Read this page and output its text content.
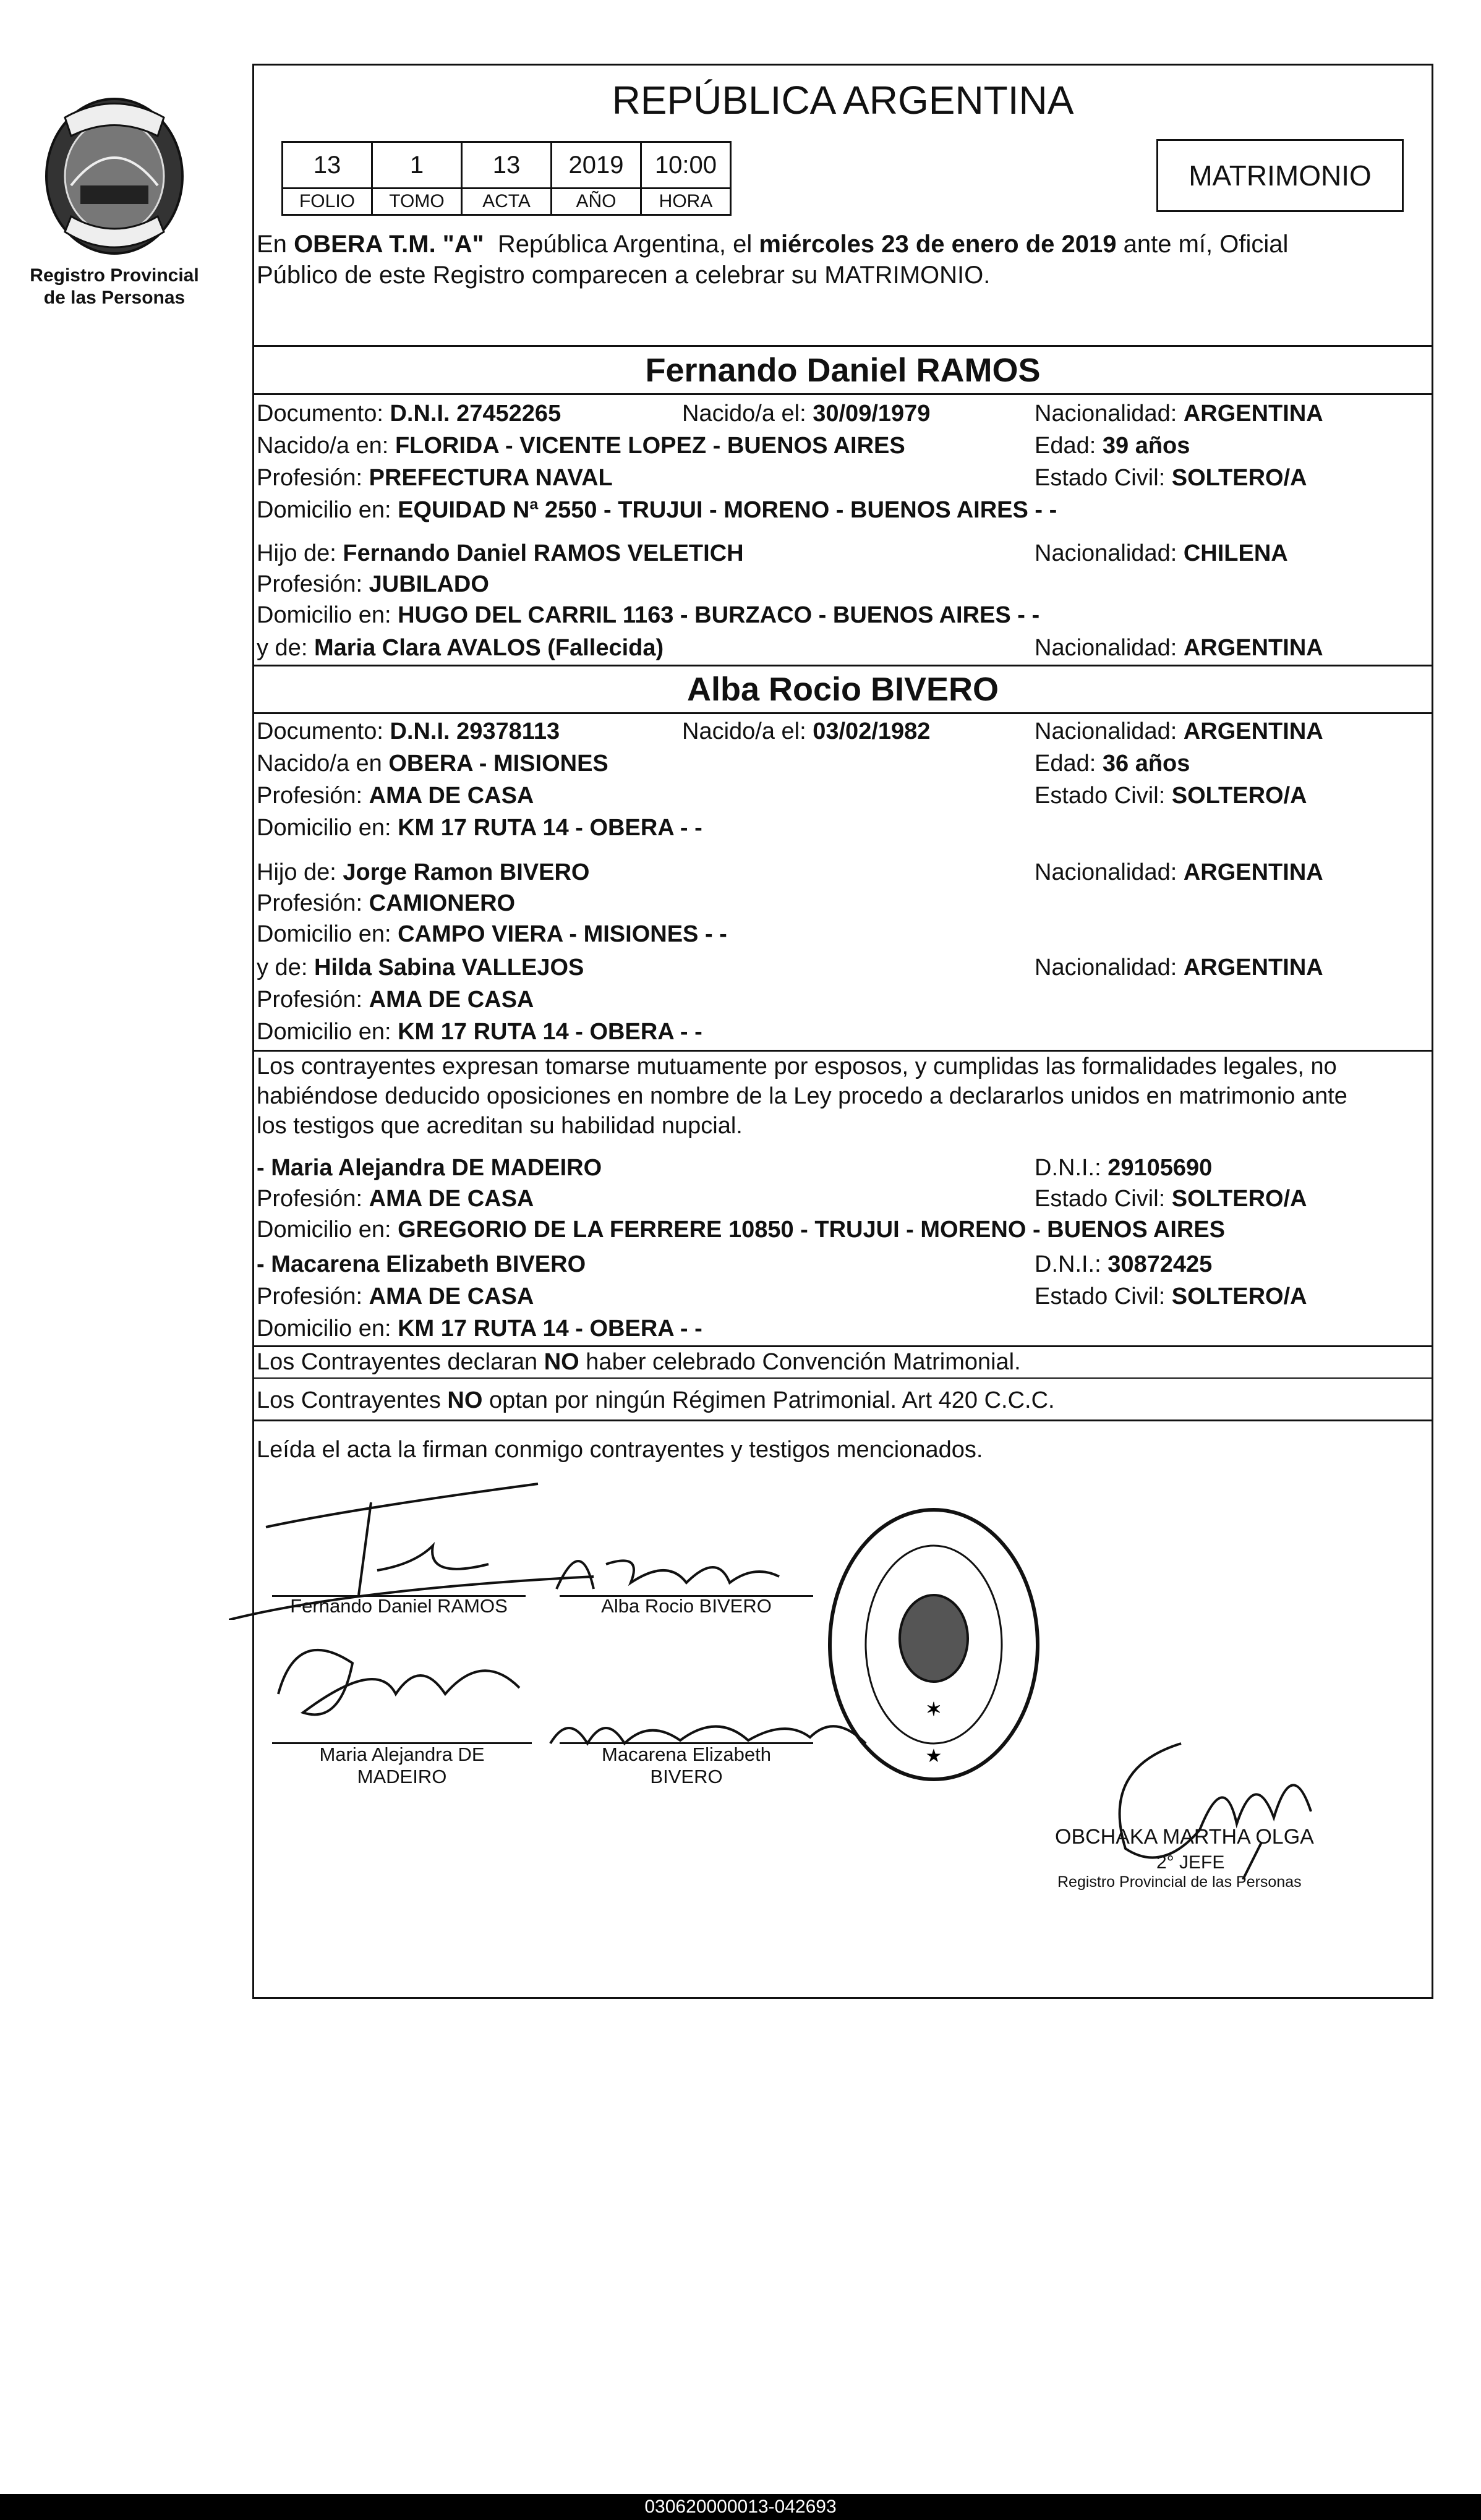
Registro Provincial
de las Personas
REPÚBLICA ARGENTINA
13	1	13	2019	10:00
FOLIO	TOMO	ACTA	AÑO	HORA
MATRIMONIO
En OBERA T.M. "A" República Argentina, el miércoles 23 de enero de 2019 ante mí, Oficial
Público de este Registro comparecen a celebrar su MATRIMONIO.
Fernando Daniel RAMOS
Documento: D.N.I. 27452265	Nacido/a el: 30/09/1979	Nacionalidad: ARGENTINA
Nacido/a en: FLORIDA - VICENTE LOPEZ - BUENOS AIRES	Edad: 39 años
Profesión: PREFECTURA NAVAL	Estado Civil: SOLTERO/A
Domicilio en: EQUIDAD Nª 2550 - TRUJUI - MORENO - BUENOS AIRES - -
Hijo de: Fernando Daniel RAMOS VELETICH	Nacionalidad: CHILENA
Profesión: JUBILADO
Domicilio en: HUGO DEL CARRIL 1163 - BURZACO - BUENOS AIRES - -
y de: Maria Clara AVALOS (Fallecida)	Nacionalidad: ARGENTINA
Alba Rocio BIVERO
Documento: D.N.I. 29378113	Nacido/a el: 03/02/1982	Nacionalidad: ARGENTINA
Nacido/a en OBERA - MISIONES	Edad: 36 años
Profesión: AMA DE CASA	Estado Civil: SOLTERO/A
Domicilio en: KM 17 RUTA 14 - OBERA - -
Hijo de: Jorge Ramon BIVERO	Nacionalidad: ARGENTINA
Profesión: CAMIONERO
Domicilio en: CAMPO VIERA - MISIONES - -
y de: Hilda Sabina VALLEJOS	Nacionalidad: ARGENTINA
Profesión: AMA DE CASA
Domicilio en: KM 17 RUTA 14 - OBERA - -
Los contrayentes expresan tomarse mutuamente por esposos, y cumplidas las formalidades legales, no
habiéndose deducido oposiciones en nombre de la Ley procedo a declararlos unidos en matrimonio ante
los testigos que acreditan su habilidad nupcial.
- Maria Alejandra DE MADEIRO	D.N.I.: 29105690
Profesión: AMA DE CASA	Estado Civil: SOLTERO/A
Domicilio en: GREGORIO DE LA FERRERE 10850 - TRUJUI - MORENO - BUENOS AIRES
- Macarena Elizabeth BIVERO	D.N.I.: 30872425
Profesión: AMA DE CASA	Estado Civil: SOLTERO/A
Domicilio en: KM 17 RUTA 14 - OBERA - -
Los Contrayentes declaran NO haber celebrado Convención Matrimonial.
Los Contrayentes NO optan por ningún Régimen Patrimonial. Art 420 C.C.C.
Leída el acta la firman conmigo contrayentes y testigos mencionados.
Fernando Daniel RAMOS	Alba Rocio BIVERO
Maria Alejandra DE
MADEIRO
Macarena Elizabeth
BIVERO
✶
★
OBCHAKA MARTHA OLGA
2° JEFE
Registro Provincial de las Personas
030620000013-042693
